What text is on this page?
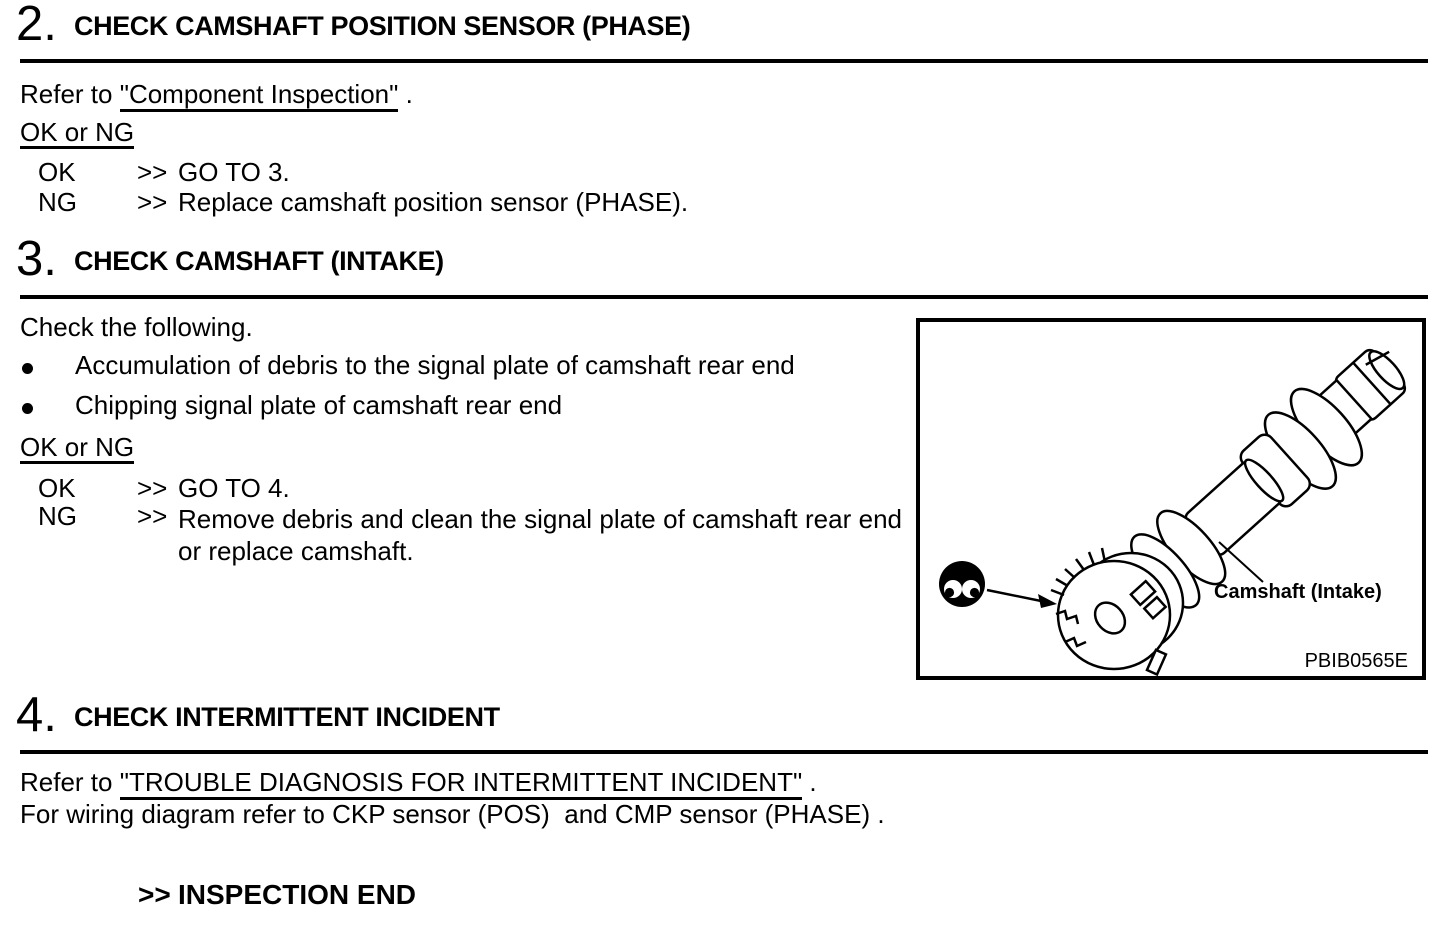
2. CHECK CAMSHAFT POSITION SENSOR (PHASE)
Refer to "Component Inspection" .
OK or NG
OK >> GO TO 3.
NG >> Replace camshaft position sensor (PHASE).
3. CHECK CAMSHAFT (INTAKE)
Check the following.
Accumulation of debris to the signal plate of camshaft rear end
Chipping signal plate of camshaft rear end
OK or NG
OK >> GO TO 4.
NG >> Remove debris and clean the signal plate of camshaft rear end or replace camshaft.
Camshaft (Intake)
PBIB0565E
4. CHECK INTERMITTENT INCIDENT
Refer to "TROUBLE DIAGNOSIS FOR INTERMITTENT INCIDENT" .
For wiring diagram refer to CKP sensor (POS)  and CMP sensor (PHASE) .
>> INSPECTION END
